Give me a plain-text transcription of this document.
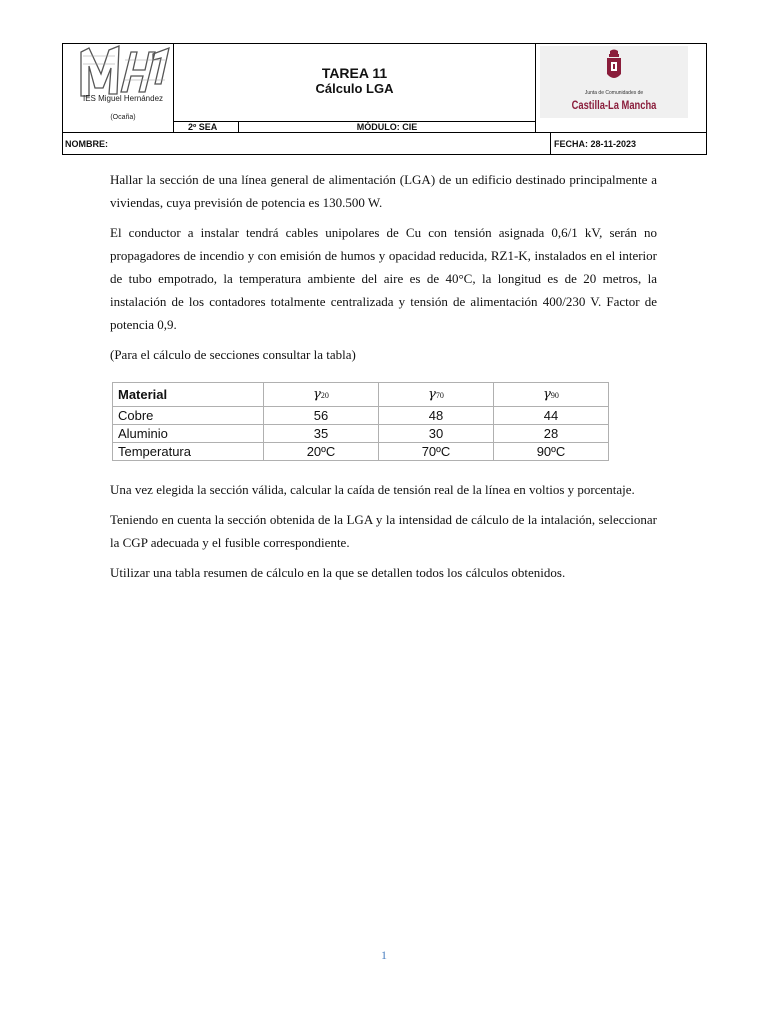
IES Miguel Hernández
(Ocaña)
TAREA 11
Cálculo LGA	Junta de Comunidades de
Castilla-La Mancha
2º SEA	MÓDULO: CIE
NOMBRE:	FECHA: 28-11-2023

Hallar la sección de una línea general de alimentación (LGA) de un edificio destinado principalmente a viviendas, cuya previsión de potencia es 130.500 W.

El conductor a instalar tendrá cables unipolares de Cu con tensión asignada 0,6/1 kV, serán no propagadores de incendio y con emisión de humos y opacidad reducida, RZ1-K, instalados en el interior de tubo empotrado, la temperatura ambiente del aire es de 40°C, la longitud es de 20 metros, la instalación de los contadores totalmente centralizada y tensión de alimentación 400/230 V. Factor de potencia 0,9.

(Para el cálculo de secciones consultar la tabla)

Material	γ20	γ70	γ90
Cobre	56	48	44
Aluminio	35	30	28
Temperatura	20ºC	70ºC	90ºC

Una vez elegida la sección válida, calcular la caída de tensión real de la línea en voltios y porcentaje.

Teniendo en cuenta la sección obtenida de la LGA y la intensidad de cálculo de la intalación, seleccionar la CGP adecuada y el fusible correspondiente.

Utilizar una tabla resumen de cálculo en la que se detallen todos los cálculos obtenidos.

1
